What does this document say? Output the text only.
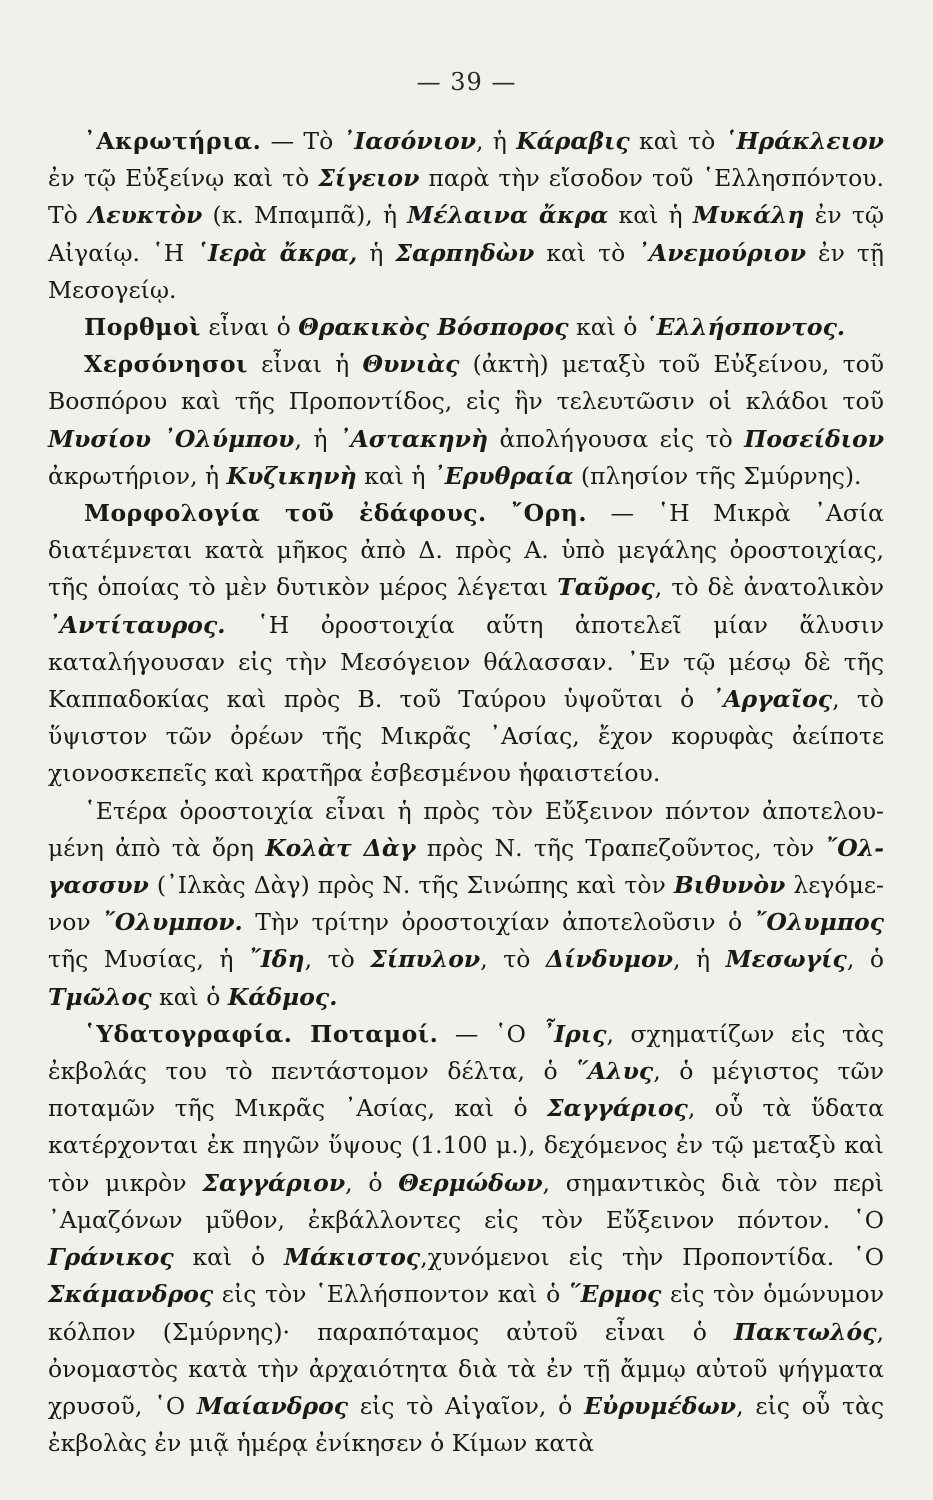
— 39 —

᾽Ακρωτήρια. — Τὸ ᾽Ιασόνιον, ἡ Κάραβις καὶ τὸ ῾Ηράκλειον ἐν τῷ Εὐξείνῳ καὶ τὸ Σίγειον παρὰ τὴν εἴσοδον τοῦ ῾Ελλησπόντου. Τὸ Λευκτὸν (κ. Μπαμπᾶ), ἡ Μέλαινα ἄκρα καὶ ἡ Μυκάλη ἐν τῷ Αἰγαίῳ. ῾Η ῾Ιερὰ ἄκρα, ἡ Σαρπηδὼν καὶ τὸ ᾽Ανεμούριον ἐν τῇ Μεσογείῳ.

Πορθμοὶ εἶναι ὁ Θρακικὸς Βόσπορος καὶ ὁ ῾Ελλήσποντος.

Χερσόνησοι εἶναι ἡ Θυνιὰς (ἀκτὴ) μεταξὺ τοῦ Εὐξείνου, τοῦ Βοσπόρου καὶ τῆς Προποντίδος, εἰς ἣν τελευτῶσιν οἱ κλάδοι τοῦ Μυσίου ᾽Ολύμπου, ἡ ᾽Αστακηνὴ ἀπολήγουσα εἰς τὸ Ποσείδιον ἀκρωτήριον, ἡ Κυζικηνὴ καὶ ἡ ᾽Ερυθραία (πλησίον τῆς Σμύρνης).

Μορφολογία τοῦ ἐδάφους. ῎Ορη. — ῾Η Μικρὰ ᾽Ασία διατέμνεται κατὰ μῆκος ἀπὸ Δ. πρὸς Α. ὑπὸ μεγάλης ὀροστοιχίας, τῆς ὁποίας τὸ μὲν δυτικὸν μέρος λέγεται Ταῦρος, τὸ δὲ ἀνατολικὸν ᾽Αντίταυρος. ῾Η ὀροστοιχία αὕτη ἀποτελεῖ μίαν ἅλυσιν καταλήγουσαν εἰς τὴν Μεσόγειον θάλασσαν. ᾽Εν τῷ μέσῳ δὲ τῆς Καππαδοκίας καὶ πρὸς Β. τοῦ Ταύρου ὑψοῦται ὁ ᾽Αργαῖος, τὸ ὕψιστον τῶν ὀρέων τῆς Μικρᾶς ᾽Ασίας, ἔχον κορυφὰς ἀείποτε χιονοσκεπεῖς καὶ κρατῆρα ἐσβεσμένου ἡφαιστείου.

῾Ετέρα ὀροστοιχία εἶναι ἡ πρὸς τὸν Εὔξεινον πόντον ἀποτελουμένη ἀπὸ τὰ ὄρη Κολὰτ Δὰγ πρὸς Ν. τῆς Τραπεζοῦντος, τὸν ῎Ολγασσυν (᾽Ιλκὰς Δὰγ) πρὸς Ν. τῆς Σινώπης καὶ τὸν Βιθυνὸν λεγόμενον ῎Ολυμπον. Τὴν τρίτην ὀροστοιχίαν ἀποτελοῦσιν ὁ ῎Ολυμπος τῆς Μυσίας, ἡ ῎Ιδη, τὸ Σίπυλον, τὸ Δίνδυμον, ἡ Μεσωγίς, ὁ Τμῶλος καὶ ὁ Κάδμος.

῾Υδατογραφία. Ποταμοί. — ῾Ο ῏Ιρις, σχηματίζων εἰς τὰς ἐκβολάς του τὸ πεντάστομον δέλτα, ὁ ῞Αλυς, ὁ μέγιστος τῶν ποταμῶν τῆς Μικρᾶς ᾽Ασίας, καὶ ὁ Σαγγάριος, οὗ τὰ ὕδατα κατέρχονται ἐκ πηγῶν ὕψους (1.100 μ.), δεχόμενος ἐν τῷ μεταξὺ καὶ τὸν μικρὸν Σαγγάριον, ὁ Θερμώδων, σημαντικὸς διὰ τὸν περὶ ᾽Αμαζόνων μῦθον, ἐκβάλλοντες εἰς τὸν Εὔξεινον πόντον. ῾Ο Γράνικος καὶ ὁ Μάκιστος,χυνόμενοι εἰς τὴν Προποντίδα. ῾Ο Σκάμανδρος εἰς τὸν ῾Ελλήσποντον καὶ ὁ ῞Ερμος εἰς τὸν ὁμώνυμον κόλπον (Σμύρνης)· παραπόταμος αὐτοῦ εἶναι ὁ Πακτωλός, ὀνομαστὸς κατὰ τὴν ἀρχαιότητα διὰ τὰ ἐν τῇ ἄμμῳ αὐτοῦ ψήγματα χρυσοῦ, ῾Ο Μαίανδρος εἰς τὸ Αἰγαῖον, ὁ Εὐρυμέδων, εἰς οὗ τὰς ἐκβολὰς ἐν μιᾷ ἡμέρᾳ ἐνίκησεν ὁ Κίμων κατὰ
